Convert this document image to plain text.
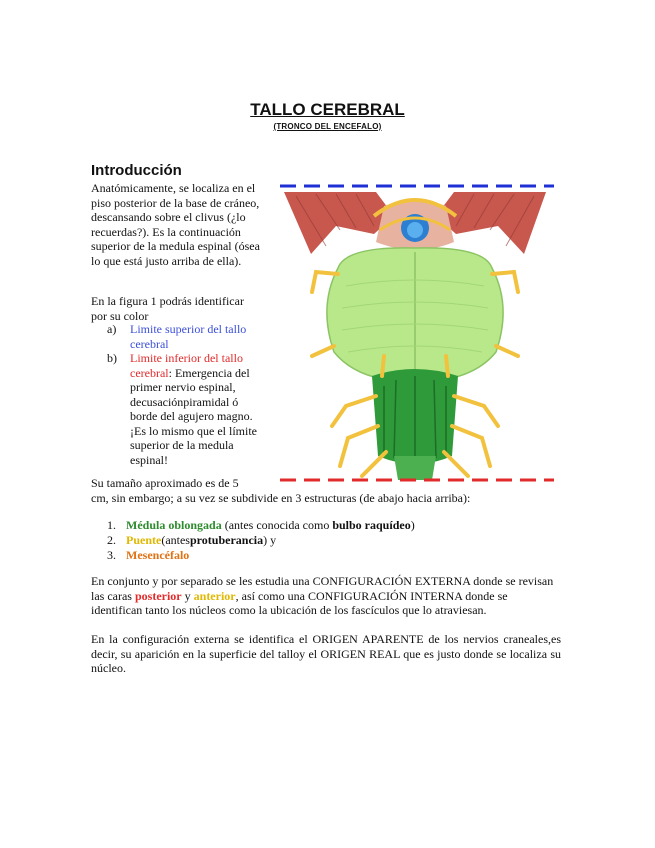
TALLO CEREBRAL
(TRONCO DEL ENCEFALO)
Introducción
Anatómicamente, se localiza en el piso posterior de la base de cráneo, descansando sobre el clivus (¿lo recuerdas?). Es la continuación superior de la medula espinal (ósea lo que está justo arriba de ella).
En la figura 1 podrás identificar por su color
a) Limite superior del tallo cerebral
b) Limite inferior del tallo cerebral: Emergencia del primer nervio espinal, decusaciónpiramidal ó borde del agujero magno. ¡Es lo mismo que el límite superior de la medula espinal!
Su tamaño aproximado es de 5
cm, sin embargo; a su vez se subdivide en 3 estructuras (de abajo hacia arriba):
1. Médula oblongada (antes conocida como bulbo raquídeo)
2. Puente(antesprotuberancia) y
3. Mesencéfalo
En conjunto y por separado se les estudia una CONFIGURACIÓN EXTERNA donde se revisan las caras posterior y anterior, así como una CONFIGURACIÓN INTERNA donde se identifican tanto los núcleos como la ubicación de los fascículos que lo atraviesan.
En la configuración externa se identifica el ORIGEN APARENTE de los nervios craneales,es decir, su aparición en la superficie del talloy el ORIGEN REAL que es justo donde se localiza su núcleo.
